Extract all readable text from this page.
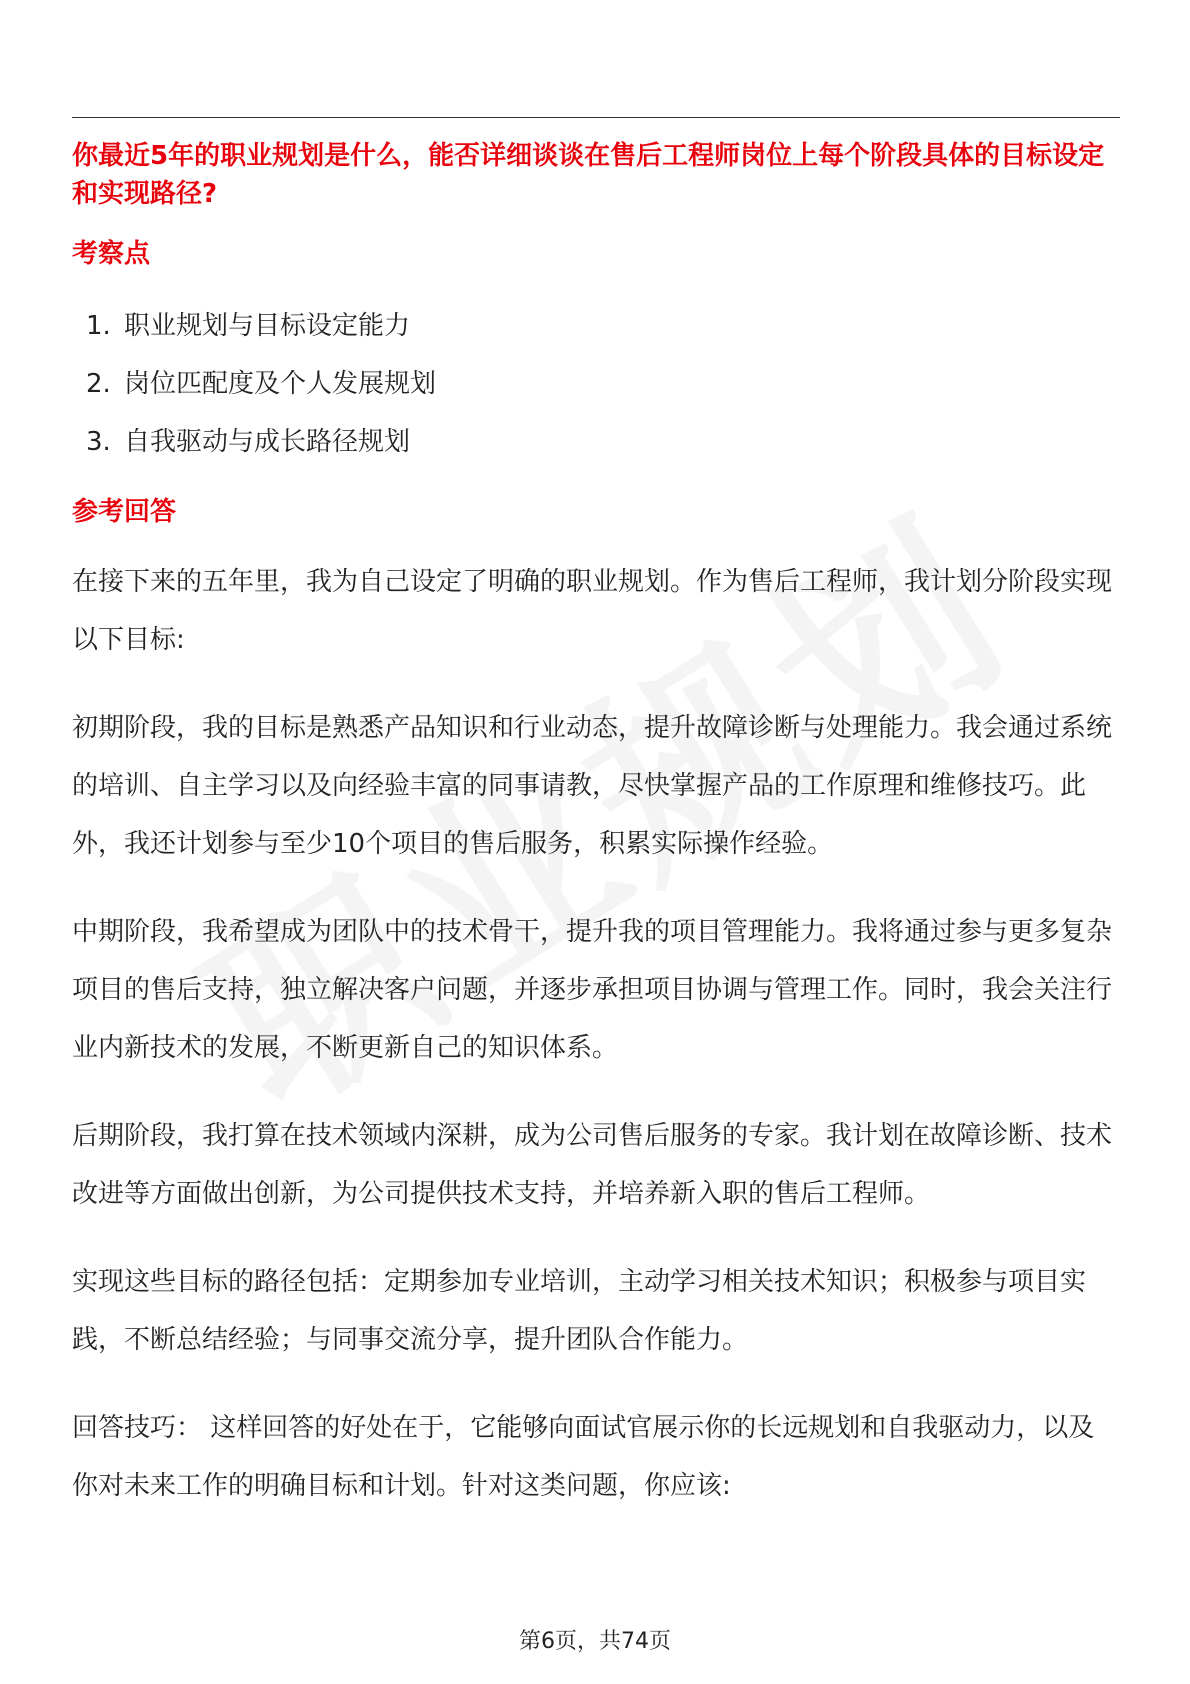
你最近5年的职业规划是什么，能否详细谈谈在售后工程师岗位上每个阶段具体的目标设定和实现路径?

考察点

1. 职业规划与目标设定能力
2. 岗位匹配度及个人发展规划
3. 自我驱动与成长路径规划

参考回答

在接下来的五年里，我为自己设定了明确的职业规划。作为售后工程师，我计划分阶段实现以下目标:

初期阶段，我的目标是熟悉产品知识和行业动态，提升故障诊断与处理能力。我会通过系统的培训、自主学习以及向经验丰富的同事请教，尽快掌握产品的工作原理和维修技巧。此外，我还计划参与至少10个项目的售后服务，积累实际操作经验。

中期阶段，我希望成为团队中的技术骨干，提升我的项目管理能力。我将通过参与更多复杂项目的售后支持，独立解决客户问题，并逐步承担项目协调与管理工作。同时，我会关注行业内新技术的发展，不断更新自己的知识体系。

后期阶段，我打算在技术领域内深耕，成为公司售后服务的专家。我计划在故障诊断、技术改进等方面做出创新，为公司提供技术支持，并培养新入职的售后工程师。

实现这些目标的路径包括：定期参加专业培训，主动学习相关技术知识；积极参与项目实践，不断总结经验；与同事交流分享，提升团队合作能力。

回答技巧： 这样回答的好处在于，它能够向面试官展示你的长远规划和自我驱动力，以及你对未来工作的明确目标和计划。针对这类问题，你应该:

第6页，共74页
